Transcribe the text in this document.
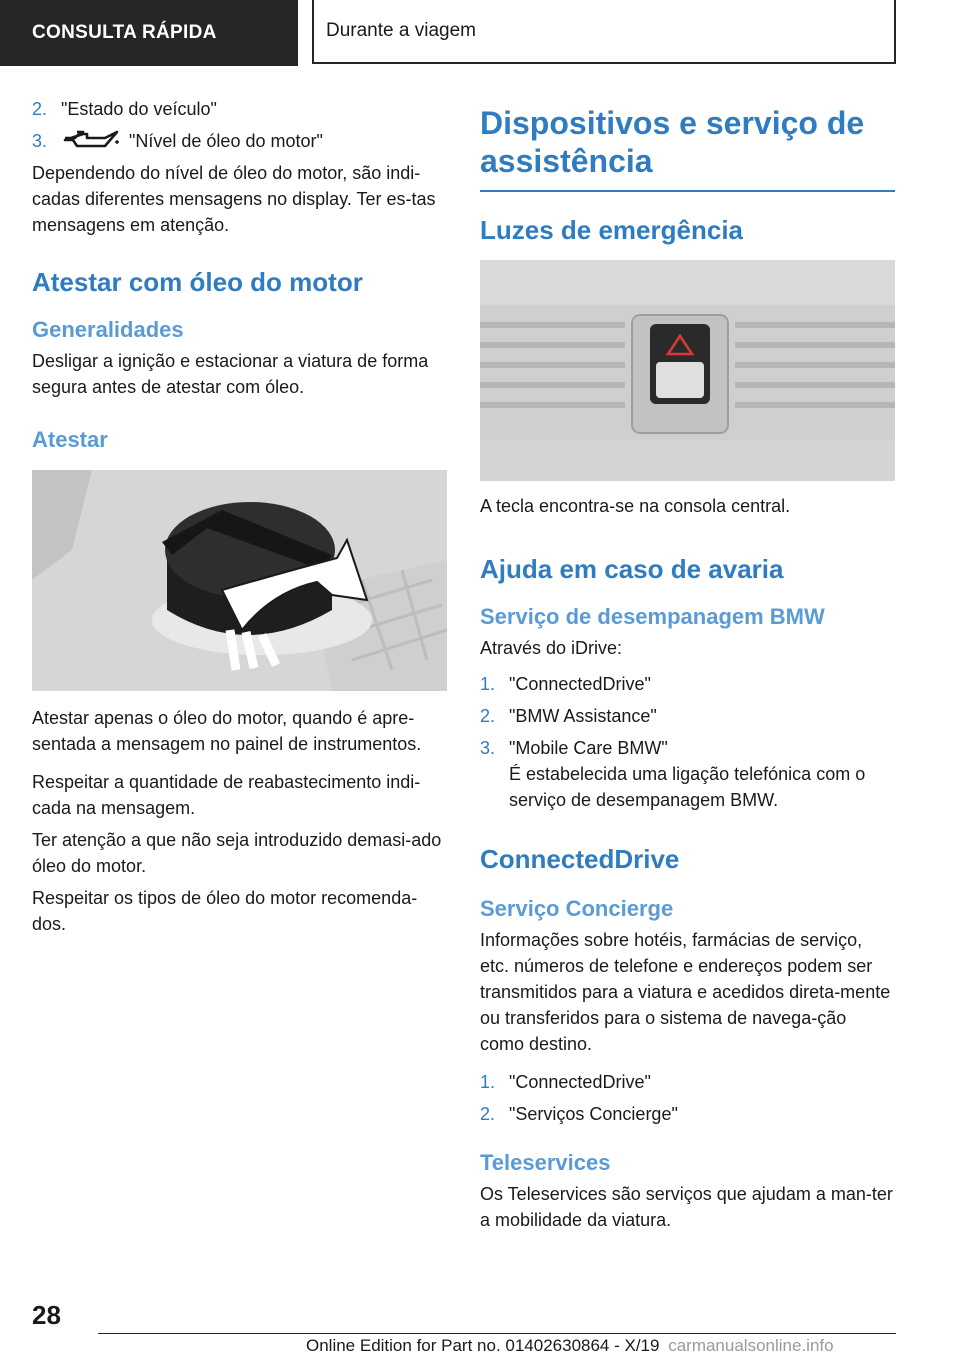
CONSULTA RÁPIDA	Durante a viagem
2. "Estado do veículo"
3.	"Nível de óleo do motor"

Dependendo do nível de óleo do motor, são indi-cadas diferentes mensagens no display. Ter es-tas mensagens em atenção.

Atestar com óleo do motor
Generalidades

Desligar a ignição e estacionar a viatura de forma segura antes de atestar com óleo.

Atestar

Atestar apenas o óleo do motor, quando é apre-sentada a mensagem no painel de instrumentos.

Respeitar a quantidade de reabastecimento indi-cada na mensagem.

Ter atenção a que não seja introduzido demasi-ado óleo do motor.

Respeitar os tipos de óleo do motor recomenda-dos.

Dispositivos e serviço de assistência
Luzes de emergência

A tecla encontra-se na consola central.

Ajuda em caso de avaria
Serviço de desempanagem BMW

Através do iDrive:

1. "ConnectedDrive"
2. "BMW Assistance"
3. "Mobile Care BMW"

É estabelecida uma ligação telefónica com o serviço de desempanagem BMW.

ConnectedDrive
Serviço Concierge

Informações sobre hotéis, farmácias de serviço, etc. números de telefone e endereços podem ser transmitidos para a viatura e acedidos direta-mente ou transferidos para o sistema de navega-ção como destino.

1. "ConnectedDrive"
2. "Serviços Concierge"
Teleservices

Os Teleservices são serviços que ajudam a man-ter a mobilidade da viatura.

28
Online Edition for Part no. 01402630864 - X/19 carmanualsonline.info
